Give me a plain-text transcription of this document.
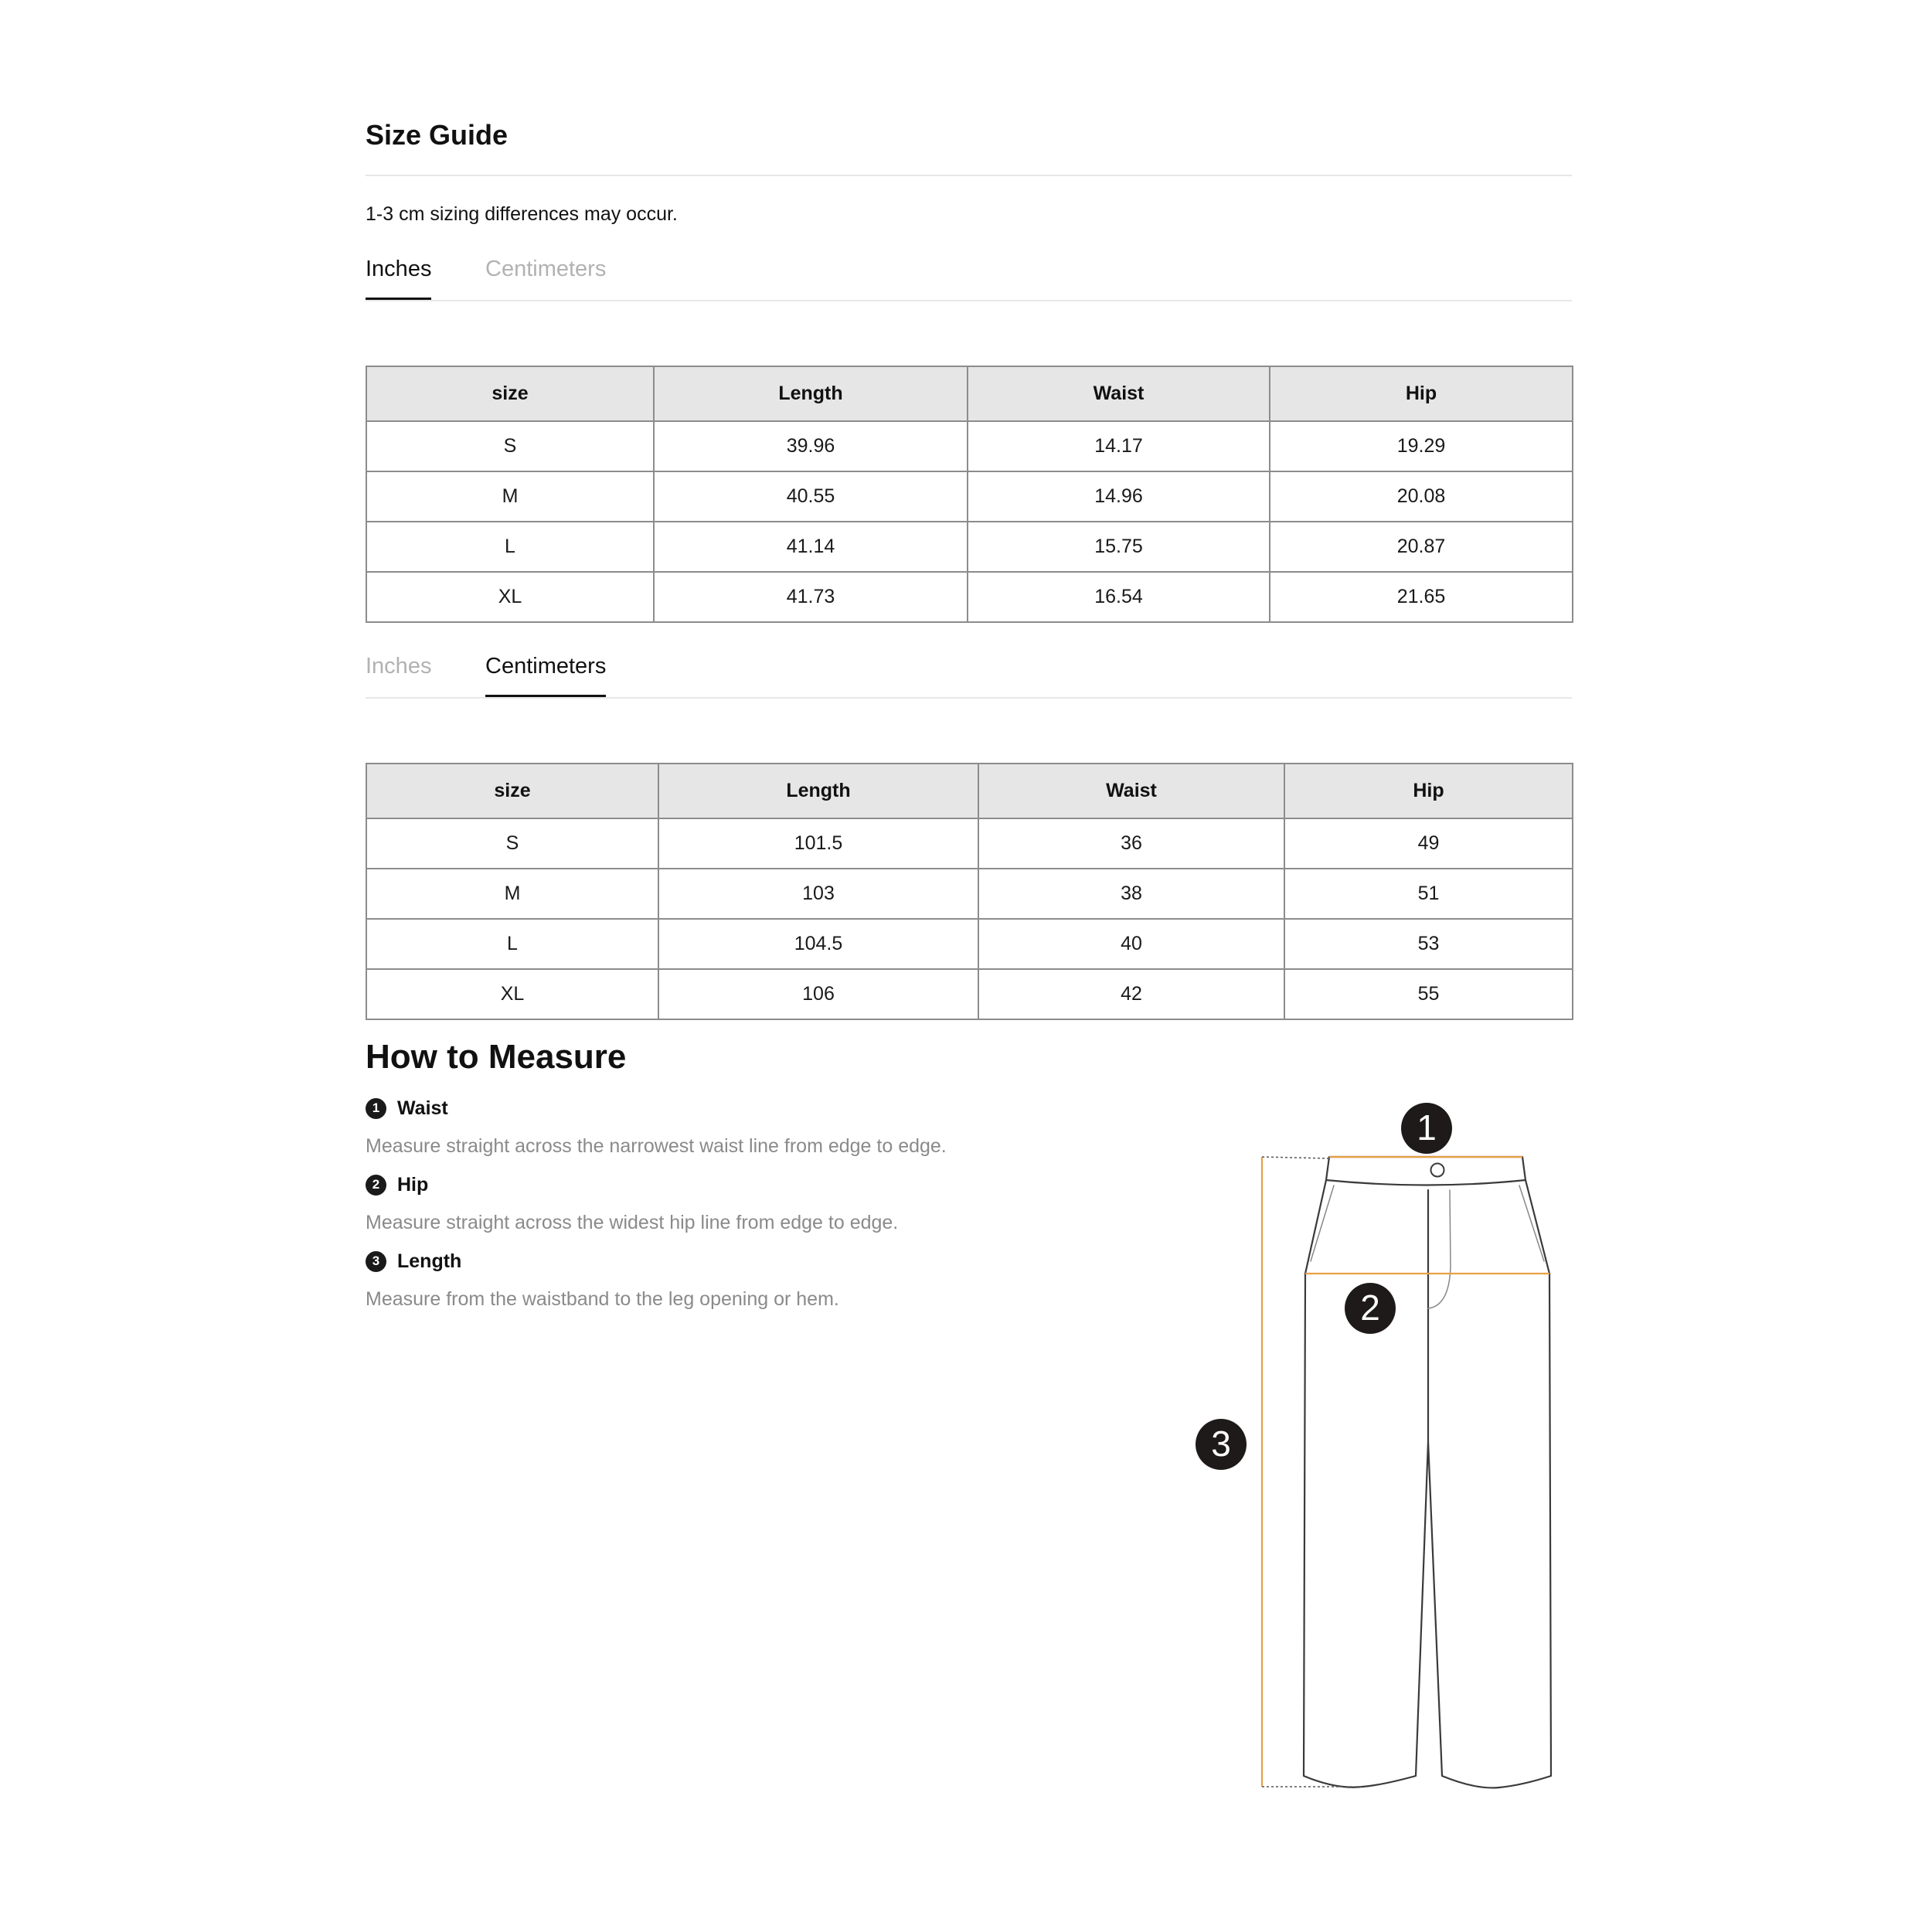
Size Guide
1-3 cm sizing differences may occur.
Inches Centimeters
size	Length	Waist	Hip
S	39.96	14.17	19.29
M	40.55	14.96	20.08
L	41.14	15.75	20.87
XL	41.73	16.54	21.65
Inches Centimeters
size	Length	Waist	Hip
S	101.5	36	49
M	103	38	51
L	104.5	40	53
XL	106	42	55
How to Measure
1 Waist
Measure straight across the narrowest waist line from edge to edge.
2 Hip
Measure straight across the widest hip line from edge to edge.
3 Length
Measure from the waistband to the leg opening or hem.
1
2
3
